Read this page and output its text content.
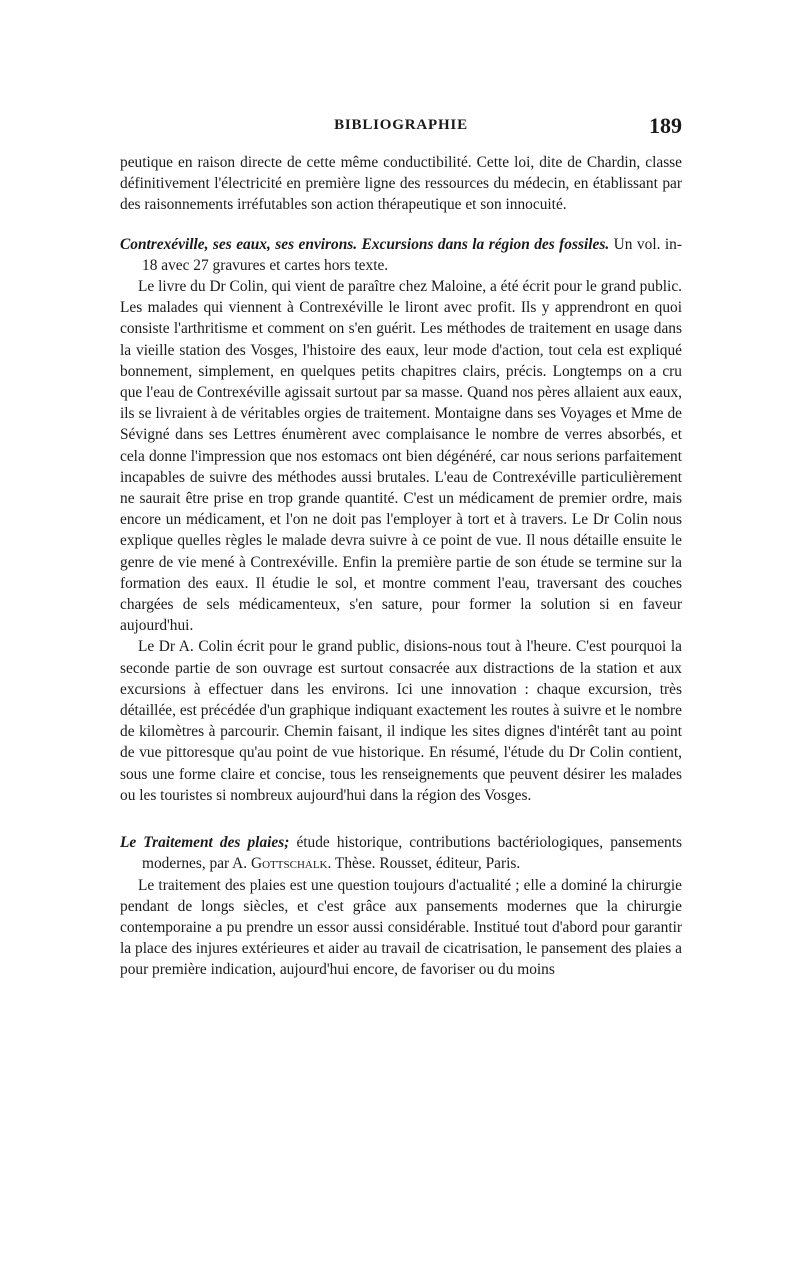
BIBLIOGRAPHIE	189

peutique en raison directe de cette même conductibilité. Cette loi, dite de Chardin, classe définitivement l'électricité en première ligne des ressources du médecin, en établissant par des raisonnements irréfutables son action thérapeutique et son innocuité.

Contrexéville, ses eaux, ses environs. Excursions dans la région des fossiles. Un vol. in-18 avec 27 gravures et cartes hors texte.

Le livre du Dr Colin, qui vient de paraître chez Maloine, a été écrit pour le grand public. Les malades qui viennent à Contrexéville le liront avec profit. Ils y apprendront en quoi consiste l'arthritisme et comment on s'en guérit. Les méthodes de traitement en usage dans la vieille station des Vosges, l'histoire des eaux, leur mode d'action, tout cela est expliqué bonnement, simplement, en quelques petits chapitres clairs, précis. Longtemps on a cru que l'eau de Contrexéville agissait surtout par sa masse. Quand nos pères allaient aux eaux, ils se livraient à de véritables orgies de traitement. Montaigne dans ses Voyages et Mme de Sévigné dans ses Lettres énumèrent avec complaisance le nombre de verres absorbés, et cela donne l'impression que nos estomacs ont bien dégénéré, car nous serions parfaitement incapables de suivre des méthodes aussi brutales. L'eau de Contrexéville particulièrement ne saurait être prise en trop grande quantité. C'est un médicament de premier ordre, mais encore un médicament, et l'on ne doit pas l'employer à tort et à travers. Le Dr Colin nous explique quelles règles le malade devra suivre à ce point de vue. Il nous détaille ensuite le genre de vie mené à Contrexéville. Enfin la première partie de son étude se termine sur la formation des eaux. Il étudie le sol, et montre comment l'eau, traversant des couches chargées de sels médicamenteux, s'en sature, pour former la solution si en faveur aujourd'hui.

Le Dr A. Colin écrit pour le grand public, disions-nous tout à l'heure. C'est pourquoi la seconde partie de son ouvrage est surtout consacrée aux distractions de la station et aux excursions à effectuer dans les environs. Ici une innovation : chaque excursion, très détaillée, est précédée d'un graphique indiquant exactement les routes à suivre et le nombre de kilomètres à parcourir. Chemin faisant, il indique les sites dignes d'intérêt tant au point de vue pittoresque qu'au point de vue historique. En résumé, l'étude du Dr Colin contient, sous une forme claire et concise, tous les renseignements que peuvent désirer les malades ou les touristes si nombreux aujourd'hui dans la région des Vosges.

Le Traitement des plaies; étude historique, contributions bactériologiques, pansements modernes, par A. Gottschalk. Thèse. Rousset, éditeur, Paris.

Le traitement des plaies est une question toujours d'actualité ; elle a dominé la chirurgie pendant de longs siècles, et c'est grâce aux pansements modernes que la chirurgie contemporaine a pu prendre un essor aussi considérable. Institué tout d'abord pour garantir la place des injures extérieures et aider au travail de cicatrisation, le pansement des plaies a pour première indication, aujourd'hui encore, de favoriser ou du moins
